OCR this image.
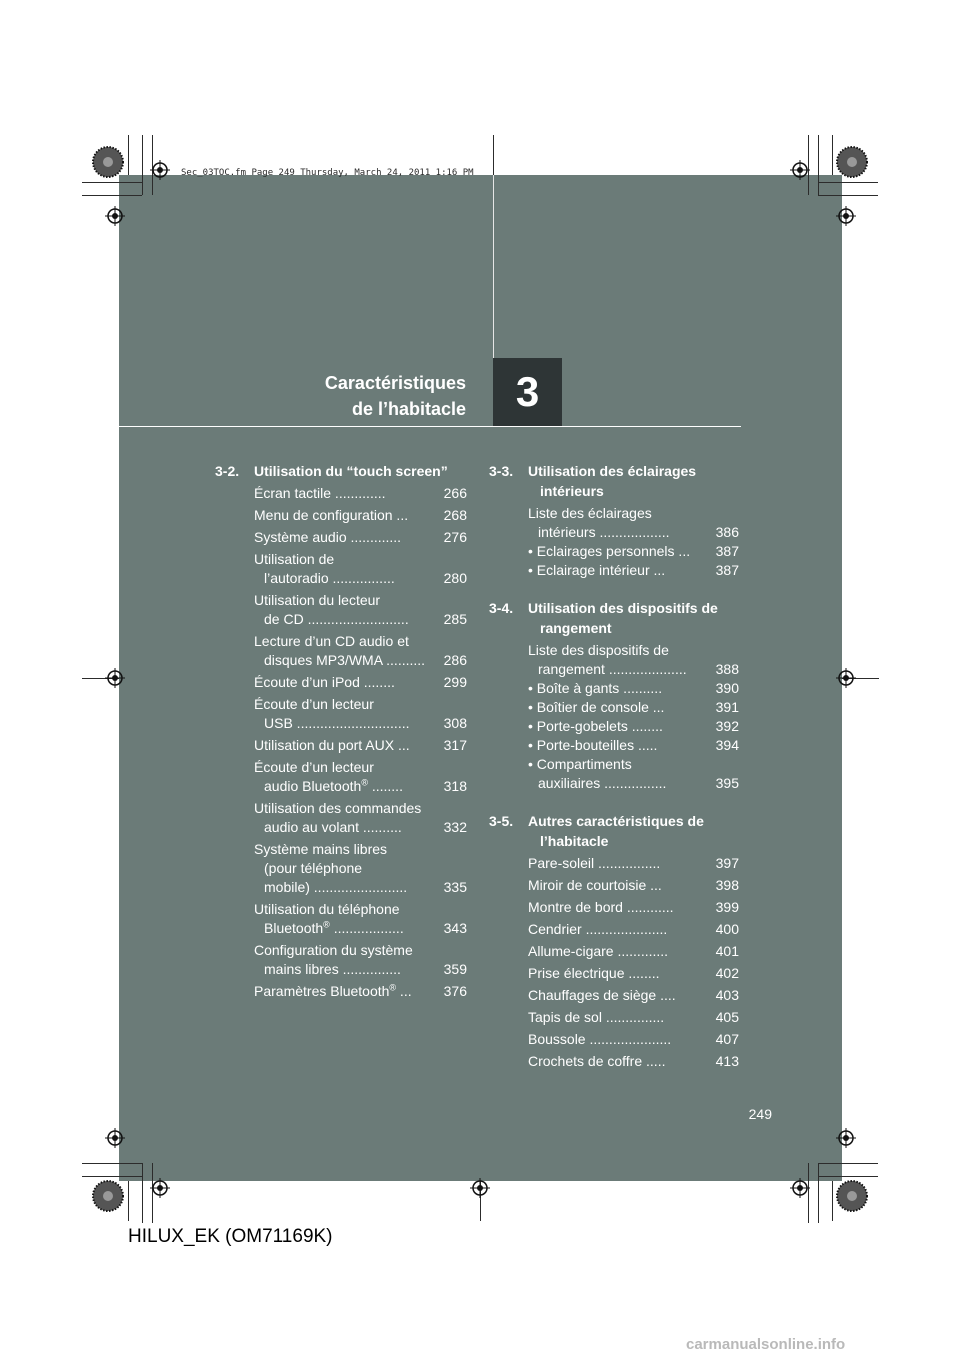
Sec_03TOC.fm Page 249 Thursday, March 24, 2011 1:16 PM
Caractéristiques
de l’habitacle	3
3-2. Utilisation du “touch screen”
Écran tactile .............	266
Menu de configuration ...	268
Système audio .............	276
Utilisation de
l’autoradio ................	280
Utilisation du lecteur
de CD ..........................	285
Lecture d’un CD audio et
disques MP3/WMA ..........	286
Écoute d’un iPod ........	299
Écoute d’un lecteur
USB .............................	308
Utilisation du port AUX ...	317
Écoute d’un lecteur
audio Bluetooth® ........	318
Utilisation des commandes
audio au volant ..........	332
Système mains libres
(pour téléphone
mobile) ........................	335
Utilisation du téléphone
Bluetooth® ..................	343
Configuration du système
mains libres ...............	359
Paramètres Bluetooth® ...	376
3-3. Utilisation des éclairages intérieurs
Liste des éclairages
intérieurs ..................	386
• Eclairages personnels ...	387
• Eclairage intérieur ...	387
3-4. Utilisation des dispositifs de rangement
Liste des dispositifs de
rangement ....................	388
• Boîte à gants ..........	390
• Boîtier de console ...	391
• Porte-gobelets ........	392
• Porte-bouteilles .....	394
• Compartiments
auxiliaires ................	395
3-5. Autres caractéristiques de l’habitacle
Pare-soleil ................	397
Miroir de courtoisie ...	398
Montre de bord ............	399
Cendrier .....................	400
Allume-cigare .............	401
Prise électrique ........	402
Chauffages de siège ....	403
Tapis de sol ...............	405
Boussole .....................	407
Crochets de coffre .....	413
249
HILUX_EK (OM71169K)
carmanualsonline.info
